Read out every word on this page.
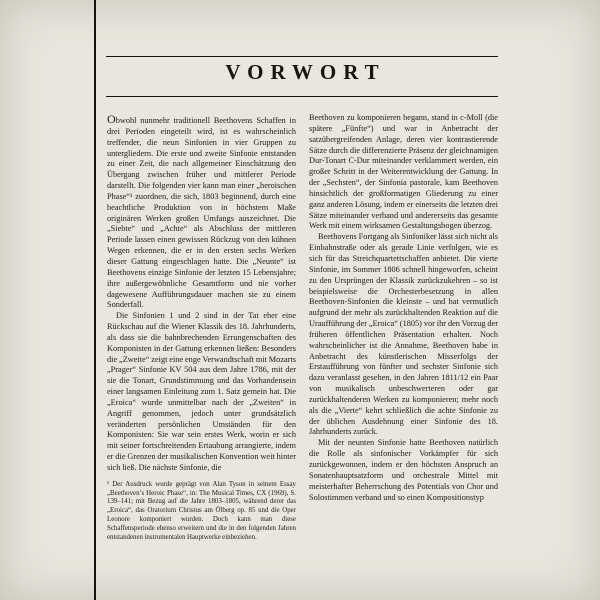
VORWORT

Obwohl nunmehr traditionell Beethovens Schaffen in drei Perioden eingeteilt wird, ist es wahrscheinlich treffender, die neun Sinfonien in vier Gruppen zu untergliedern. Die erste und zweite Sinfonie entstanden zu einer Zeit, die nach allgemeiner Einschätzung den Übergang zwischen früher und mittlerer Periode darstellt. Die folgenden vier kann man einer „heroischen Phase“¹ zuordnen, die sich, 1803 beginnend, durch eine beachtliche Produktion von in höchstem Maße originären Werken großen Umfangs auszeichnet. Die „Siebte“ und „Achte“ als Abschluss der mittleren Periode lassen einen gewissen Rückzug von den kühnen Wegen erkennen, die er in den ersten sechs Werken dieser Gattung eingeschlagen hatte. Die „Neunte“ ist Beethovens einzige Sinfonie der letzten 15 Lebensjahre; ihre außergewöhnliche Gesamtform und nie vorher dagewesene Aufführungsdauer machen sie zu einem Sonderfall.

Die Sinfonien 1 und 2 sind in der Tat eher eine Rückschau auf die Wiener Klassik des 18. Jahrhunderts, als dass sie die bahnbrechenden Errungenschaften des Komponisten in der Gattung erkennen ließen: Besonders die „Zweite“ zeigt eine enge Verwandtschaft mit Mozarts „Prager“ Sinfonie KV 504 aus dem Jahre 1786, mit der sie die Tonart, Grundstimmung und das Vorhandensein einer langsamen Einleitung zum 1. Satz gemein hat. Die „Eroica“ wurde unmittelbar nach der „Zweiten“ in Angriff genommen, jedoch unter grundsätzlich veränderten persönlichen Umständen für den Komponisten: Sie war sein erstes Werk, worin er sich mit seiner fortschreitenden Ertaubung arrangierte, indem er die Grenzen der musikalischen Konvention weit hinter sich ließ. Die nächste Sinfonie, die

¹ Der Ausdruck wurde geprägt von Alan Tyson in seinem Essay „Beethoven’s Heroic Phase“, in: The Musical Times, CX (1969), S. 139–141; mit Bezug auf die Jahre 1803–1805, während derer das „Eroica“, das Oratorium Christus am Ölberg op. 85 und die Oper Leonore komponiert wurden. Doch kann man diese Schaffensperiode ebenso erweitern und die in den folgenden Jahren entstandenen instrumentalen Hauptwerke einbeziehen.

Beethoven zu komponieren begann, stand in c-Moll (die spätere „Fünfte“) und war in Anbetracht der satzübergreifenden Anlage, deren vier kontrastierende Sätze durch die differenzierte Präsenz der gleichnamigen Dur-Tonart C-Dur miteinander verklammert werden, ein großer Schritt in der Weiterentwicklung der Gattung. In der „Sechsten“, der Sinfonia pastorale, kam Beethoven hinsichtlich der großformatigen Gliederung zu einer ganz anderen Lösung, indem er einerseits die letzten drei Sätze miteinander verband und andererseits das gesamte Werk mit einem wirksamen Gestaltungsbogen überzog.

Beethovens Fortgang als Sinfoniker lässt sich nicht als Einbahnstraße oder als gerade Linie verfolgen, wie es sich für das Streichquartettschaffen anbietet. Die vierte Sinfonie, im Sommer 1806 schnell hingeworfen, scheint zu den Ursprüngen der Klassik zurückzukehren – so ist beispielsweise die Orchesterbesetzung in allen Beethoven-Sinfonien die kleinste – und hat vermutlich aufgrund der mehr als zurückhaltenden Reaktion auf die Uraufführung der „Eroica“ (1805) vor ihr den Vorzug der früheren öffentlichen Präsentation erhalten. Noch wahrscheinlicher ist die Annahme, Beethoven habe in Anbetracht des künstlerischen Misserfolgs der Erstaufführung von fünfter und sechster Sinfonie sich dazu veranlasst gesehen, in den Jahren 1811/12 ein Paar von musikalisch unbeschwerteren oder gar zurückhaltenderen Werken zu komponieren; mehr noch als die „Vierte“ kehrt schließlich die achte Sinfonie zu der üblichen Ausdehnung einer Sinfonie des 18. Jahrhunderts zurück.

Mit der neunten Sinfonie hatte Beethoven natürlich die Rolle als sinfonischer Vorkämpfer für sich zurückgewonnen, indem er den höchsten Anspruch an Sonatenhauptsatzform und orchestrale Mittel mit meisterhafter Beherrschung des Potentials von Chor und Solostimmen verband und so einen Kompositionstyp
